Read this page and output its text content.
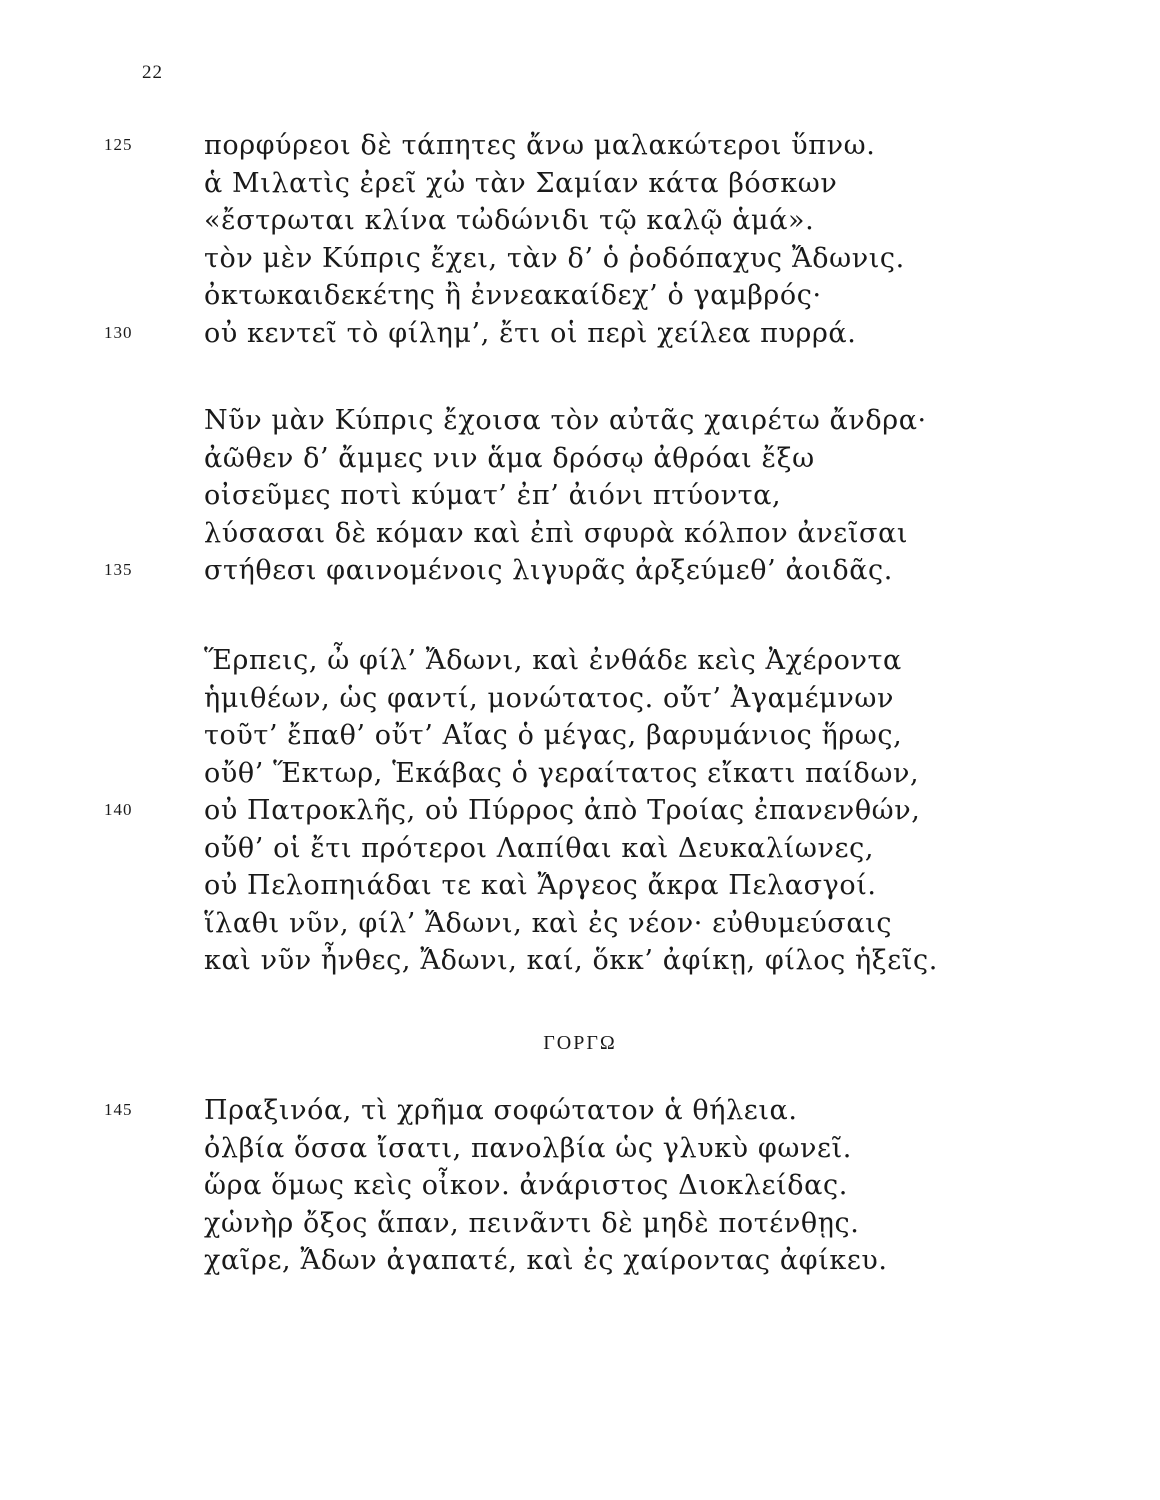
22
125	πορφύρεοι δὲ τάπητες ἄνω μαλακώτεροι ὕπνω.
ἁ Μιλατὶς ἐρεῖ χὠ τὰν Σαμίαν κάτα βόσκων
«ἔστρωται κλίνα τὠδώνιδι τῷ καλῷ ἁμά».
τὸν μὲν Κύπρις ἔχει, τὰν δ’ ὁ ῥοδόπαχυς Ἄδωνις.
ὀκτωκαιδεκέτης ἢ ἐννεακαίδεχ’ ὁ γαμβρός·
130	οὐ κεντεῖ τὸ φίλημ’, ἔτι οἱ περὶ χείλεα πυρρά.
Νῦν μὰν Κύπρις ἔχοισα τὸν αὐτᾶς χαιρέτω ἄνδρα·
ἀῶθεν δ’ ἄμμες νιν ἅμα δρόσῳ ἀθρόαι ἔξω
οἰσεῦμες ποτὶ κύματ’ ἐπ’ ἀιόνι πτύοντα,
λύσασαι δὲ κόμαν καὶ ἐπὶ σφυρὰ κόλπον ἀνεῖσαι
135	στήθεσι φαινομένοις λιγυρᾶς ἀρξεύμεθ’ ἀοιδᾶς.
Ἕρπεις, ὦ φίλ’ Ἄδωνι, καὶ ἐνθάδε κεὶς Ἀχέροντα
ἡμιθέων, ὡς φαντί, μονώτατος. οὔτ’ Ἀγαμέμνων
τοῦτ’ ἔπαθ’ οὔτ’ Αἴας ὁ μέγας, βαρυμάνιος ἥρως,
οὔθ’ Ἕκτωρ, Ἑκάβας ὁ γεραίτατος εἴκατι παίδων,
140	οὐ Πατροκλῆς, οὐ Πύρρος ἀπὸ Τροίας ἐπανενθών,
οὔθ’ οἱ ἔτι πρότεροι Λαπίθαι καὶ Δευκαλίωνες,
οὐ Πελοπηιάδαι τε καὶ Ἄργεος ἄκρα Πελασγοί.
ἵλαθι νῦν, φίλ’ Ἄδωνι, καὶ ἐς νέον· εὐθυμεύσαις
καὶ νῦν ἦνθες, Ἄδωνι, καί, ὅκκ’ ἀφίκῃ, φίλος ἡξεῖς.
ΓΟΡΓΩ
145	Πραξινόα, τὶ χρῆμα σοφώτατον ἁ θήλεια.
ὀλβία ὅσσα ἴσατι, πανολβία ὡς γλυκὺ φωνεῖ.
ὥρα ὅμως κεὶς οἶκον. ἀνάριστος Διοκλείδας.
χὡνὴρ ὄξος ἅπαν, πεινᾶντι δὲ μηδὲ ποτένθῃς.
χαῖρε, Ἄδων ἀγαπατέ, καὶ ἐς χαίροντας ἀφίκευ.
